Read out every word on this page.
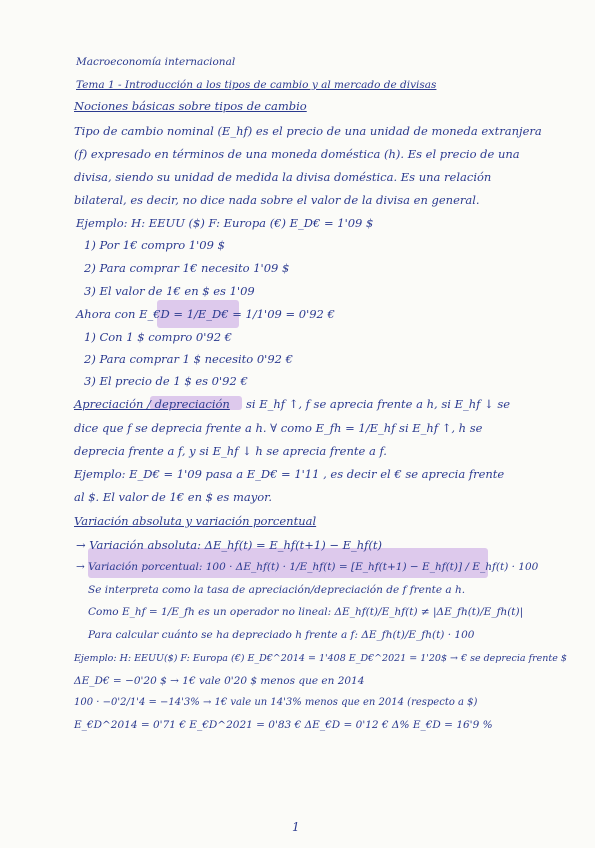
Macroeconomía internacional
Tema 1 - Introducción a los tipos de cambio y al mercado de divisas
Nociones básicas sobre tipos de cambio
Tipo de cambio nominal (E_hf) es el precio de una unidad de moneda extranjera
(f) expresado en términos de una moneda doméstica (h). Es el precio de una
divisa, siendo su unidad de medida la divisa doméstica. Es una relación
bilateral, es decir, no dice nada sobre el valor de la divisa en general.
Ejemplo: H: EEUU ($) F: Europa (€) E_D€ = 1'09 $
1) Por 1€ compro 1'09 $
2) Para comprar 1€ necesito 1'09 $
3) El valor de 1€ en $ es 1'09
Ahora con E_€D = 1/E_D€ = 1/1'09 = 0'92 €
1) Con 1 $ compro 0'92 €
2) Para comprar 1 $ necesito 0'92 €
3) El precio de 1 $ es 0'92 €
Apreciación / depreciación si E_hf ↑, f se aprecia frente a h, si E_hf ↓ se
dice que f se deprecia frente a h. ∀ como E_fh = 1/E_hf si E_hf ↑, h se
deprecia frente a f, y si E_hf ↓ h se aprecia frente a f.
Ejemplo: E_D€ = 1'09 pasa a E_D€ = 1'11 , es decir el € se aprecia frente
al $. El valor de 1€ en $ es mayor.
Variación absoluta y variación porcentual
→ Variación absoluta: ΔE_hf(t) = E_hf(t+1) − E_hf(t)
→ Variación porcentual: 100 · ΔE_hf(t) · 1/E_hf(t) = [E_hf(t+1) − E_hf(t)] / E_hf(t) · 100
Se interpreta como la tasa de apreciación/depreciación de f frente a h.
Como E_hf = 1/E_fh es un operador no lineal: ΔE_hf(t)/E_hf(t) ≠ |ΔE_fh(t)/E_fh(t)|
Para calcular cuánto se ha depreciado h frente a f: ΔE_fh(t)/E_fh(t) · 100
Ejemplo: H: EEUU($) F: Europa (€) E_D€^2014 = 1'408 E_D€^2021 = 1'20$ → € se deprecia frente $
ΔE_D€ = −0'20 $ → 1€ vale 0'20 $ menos que en 2014
100 · −0'2/1'4 = −14'3% → 1€ vale un 14'3% menos que en 2014 (respecto a $)
E_€D^2014 = 0'71 € E_€D^2021 = 0'83 € ΔE_€D = 0'12 € Δ% E_€D = 16'9 %
1
